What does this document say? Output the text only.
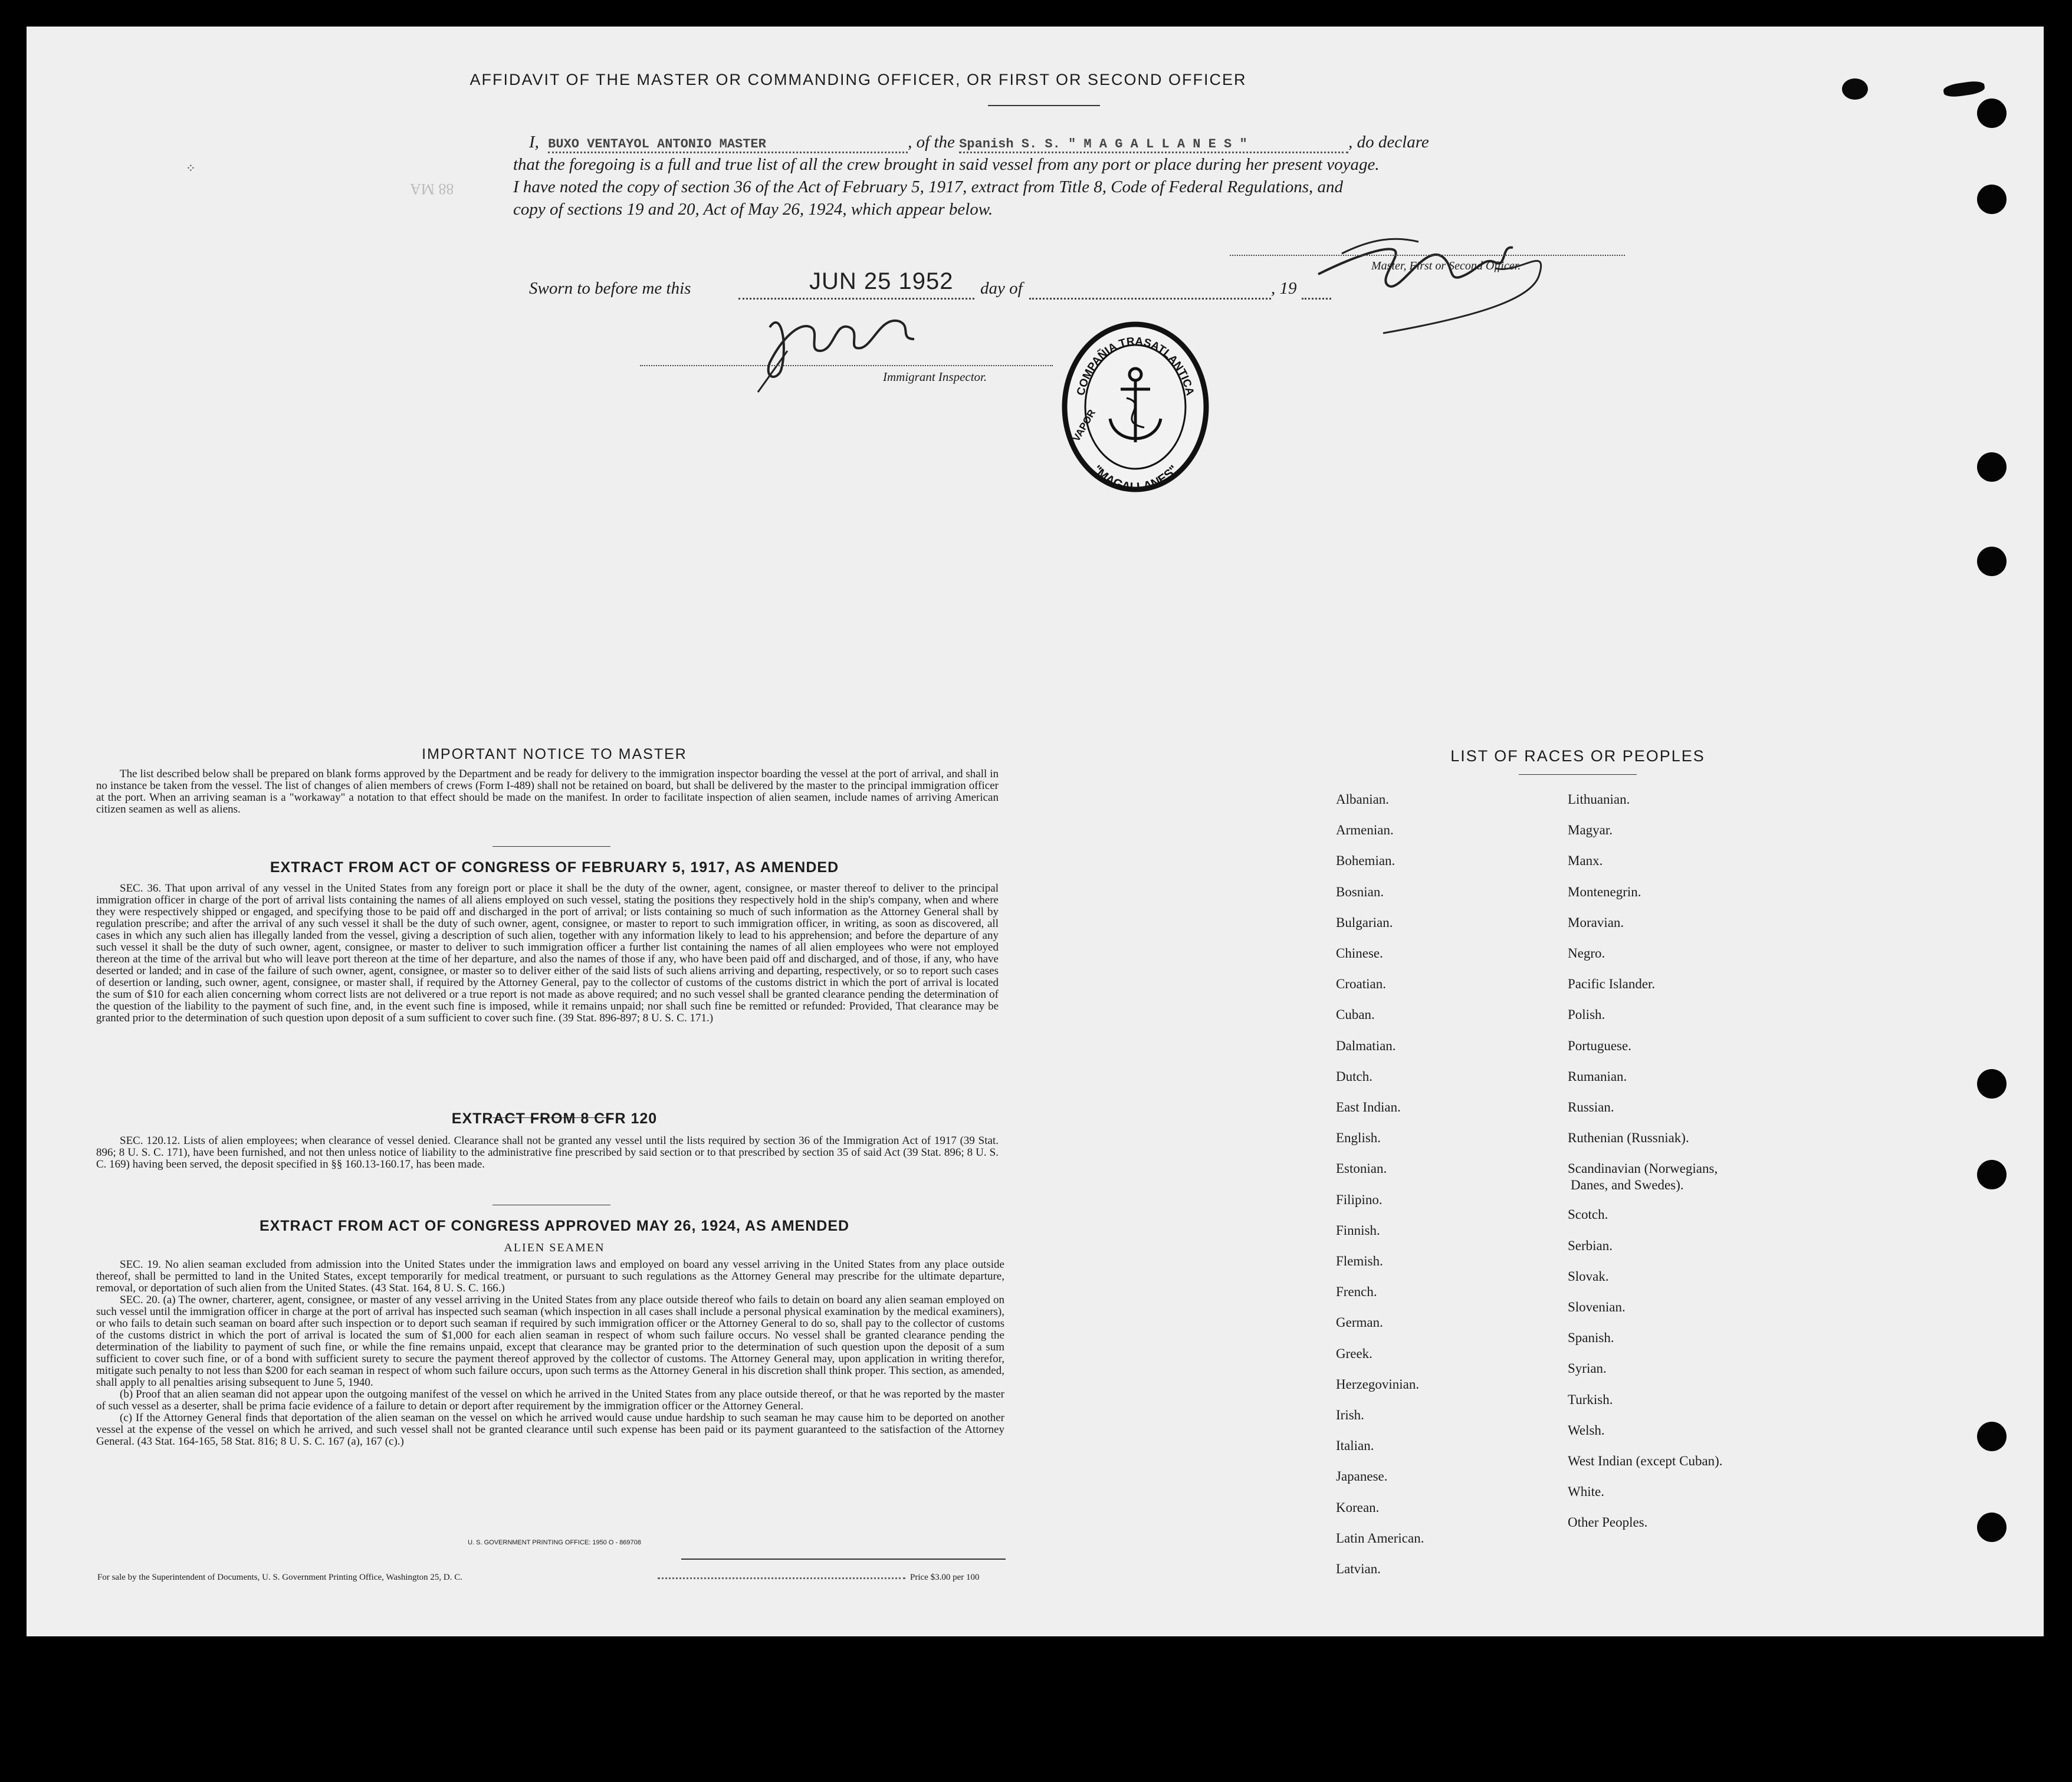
AFFIDAVIT OF THE MASTER OR COMMANDING OFFICER, OR FIRST OR SECOND OFFICER
I, BUXO VENTAYOL ANTONIO MASTER	, of the Spanish S. S. " M A G A L L A N E S "	, do declare
that the foregoing is a full and true list of all the crew brought in said vessel from any port or place during her present voyage.
I have noted the copy of section 36 of the Act of February 5, 1917, extract from Title 8, Code of Federal Regulations, and
copy of sections 19 and 20, Act of May 26, 1924, which appear below.
88 MA
⁘
Master, First or Second Officer.
Sworn to before me this	JUN 25 1952 day of	, 19
Immigrant Inspector.
COMPAÑIA TRASATLANTICA
"MAGALLANES"
VAPOR
IMPORTANT NOTICE TO MASTER

The list described below shall be prepared on blank forms approved by the Department and be ready for delivery to the immigration inspector boarding the vessel at the port of arrival, and shall in no instance be taken from the vessel. The list of changes of alien members of crews (Form I-489) shall not be retained on board, but shall be delivered by the master to the principal immigration officer at the port. When an arriving seaman is a "workaway" a notation to that effect should be made on the manifest. In order to facilitate inspection of alien seamen, include names of arriving American citizen seamen as well as aliens.

EXTRACT FROM ACT OF CONGRESS OF FEBRUARY 5, 1917, AS AMENDED

SEC. 36. That upon arrival of any vessel in the United States from any foreign port or place it shall be the duty of the owner, agent, consignee, or master thereof to deliver to the principal immigration officer in charge of the port of arrival lists containing the names of all aliens employed on such vessel, stating the positions they respectively hold in the ship's company, when and where they were respectively shipped or engaged, and specifying those to be paid off and discharged in the port of arrival; or lists containing so much of such information as the Attorney General shall by regulation prescribe; and after the arrival of any such vessel it shall be the duty of such owner, agent, consignee, or master to report to such immigration officer, in writing, as soon as discovered, all cases in which any such alien has illegally landed from the vessel, giving a description of such alien, together with any information likely to lead to his apprehension; and before the departure of any such vessel it shall be the duty of such owner, agent, consignee, or master to deliver to such immigration officer a further list containing the names of all alien employees who were not employed thereon at the time of the arrival but who will leave port thereon at the time of her departure, and also the names of those if any, who have been paid off and discharged, and of those, if any, who have deserted or landed; and in case of the failure of such owner, agent, consignee, or master so to deliver either of the said lists of such aliens arriving and departing, respectively, or so to report such cases of desertion or landing, such owner, agent, consignee, or master shall, if required by the Attorney General, pay to the collector of customs of the customs district in which the port of arrival is located the sum of $10 for each alien concerning whom correct lists are not delivered or a true report is not made as above required; and no such vessel shall be granted clearance pending the determination of the question of the liability to the payment of such fine, and, in the event such fine is imposed, while it remains unpaid; nor shall such fine be remitted or refunded: Provided, That clearance may be granted prior to the determination of such question upon deposit of a sum sufficient to cover such fine. (39 Stat. 896-897; 8 U. S. C. 171.)

EXTRACT FROM 8 CFR 120

SEC. 120.12. Lists of alien employees; when clearance of vessel denied. Clearance shall not be granted any vessel until the lists required by section 36 of the Immigration Act of 1917 (39 Stat. 896; 8 U. S. C. 171), have been furnished, and not then unless notice of liability to the administrative fine prescribed by said section or to that prescribed by section 35 of said Act (39 Stat. 896; 8 U. S. C. 169) having been served, the deposit specified in §§ 160.13-160.17, has been made.

EXTRACT FROM ACT OF CONGRESS APPROVED MAY 26, 1924, AS AMENDED
ALIEN SEAMEN

SEC. 19. No alien seaman excluded from admission into the United States under the immigration laws and employed on board any vessel arriving in the United States from any place outside thereof, shall be permitted to land in the United States, except temporarily for medical treatment, or pursuant to such regulations as the Attorney General may prescribe for the ultimate departure, removal, or deportation of such alien from the United States. (43 Stat. 164, 8 U. S. C. 166.)

SEC. 20. (a) The owner, charterer, agent, consignee, or master of any vessel arriving in the United States from any place outside thereof who fails to detain on board any alien seaman employed on such vessel until the immigration officer in charge at the port of arrival has inspected such seaman (which inspection in all cases shall include a personal physical examination by the medical examiners), or who fails to detain such seaman on board after such inspection or to deport such seaman if required by such immigration officer or the Attorney General to do so, shall pay to the collector of customs of the customs district in which the port of arrival is located the sum of $1,000 for each alien seaman in respect of whom such failure occurs. No vessel shall be granted clearance pending the determination of the liability to payment of such fine, or while the fine remains unpaid, except that clearance may be granted prior to the determination of such question upon the deposit of a sum sufficient to cover such fine, or of a bond with sufficient surety to secure the payment thereof approved by the collector of customs. The Attorney General may, upon application in writing therefor, mitigate such penalty to not less than $200 for each seaman in respect of whom such failure occurs, upon such terms as the Attorney General in his discretion shall think proper. This section, as amended, shall apply to all penalties arising subsequent to June 5, 1940.

(b) Proof that an alien seaman did not appear upon the outgoing manifest of the vessel on which he arrived in the United States from any place outside thereof, or that he was reported by the master of such vessel as a deserter, shall be prima facie evidence of a failure to detain or deport after requirement by the immigration officer or the Attorney General.

(c) If the Attorney General finds that deportation of the alien seaman on the vessel on which he arrived would cause undue hardship to such seaman he may cause him to be deported on another vessel at the expense of the vessel on which he arrived, and such vessel shall not be granted clearance until such expense has been paid or its payment guaranteed to the satisfaction of the Attorney General. (43 Stat. 164-165, 58 Stat. 816; 8 U. S. C. 167 (a), 167 (c).)

U. S. GOVERNMENT PRINTING OFFICE: 1950 O - 869708
For sale by the Superintendent of Documents, U. S. Government Printing Office, Washington 25, D. C.	Price $3.00 per 100
LIST OF RACES OR PEOPLES
Albanian.
Armenian.
Bohemian.
Bosnian.
Bulgarian.
Chinese.
Croatian.
Cuban.
Dalmatian.
Dutch.
East Indian.
English.
Estonian.
Filipino.
Finnish.
Flemish.
French.
German.
Greek.
Herzegovinian.
Irish.
Italian.
Japanese.
Korean.
Latin American.
Latvian.
Lithuanian.
Magyar.
Manx.
Montenegrin.
Moravian.
Negro.
Pacific Islander.
Polish.
Portuguese.
Rumanian.
Russian.
Ruthenian (Russniak).
Scandinavian (Norwegians,
Danes, and Swedes).
Scotch.
Serbian.
Slovak.
Slovenian.
Spanish.
Syrian.
Turkish.
Welsh.
West Indian (except Cuban).
White.
Other Peoples.
